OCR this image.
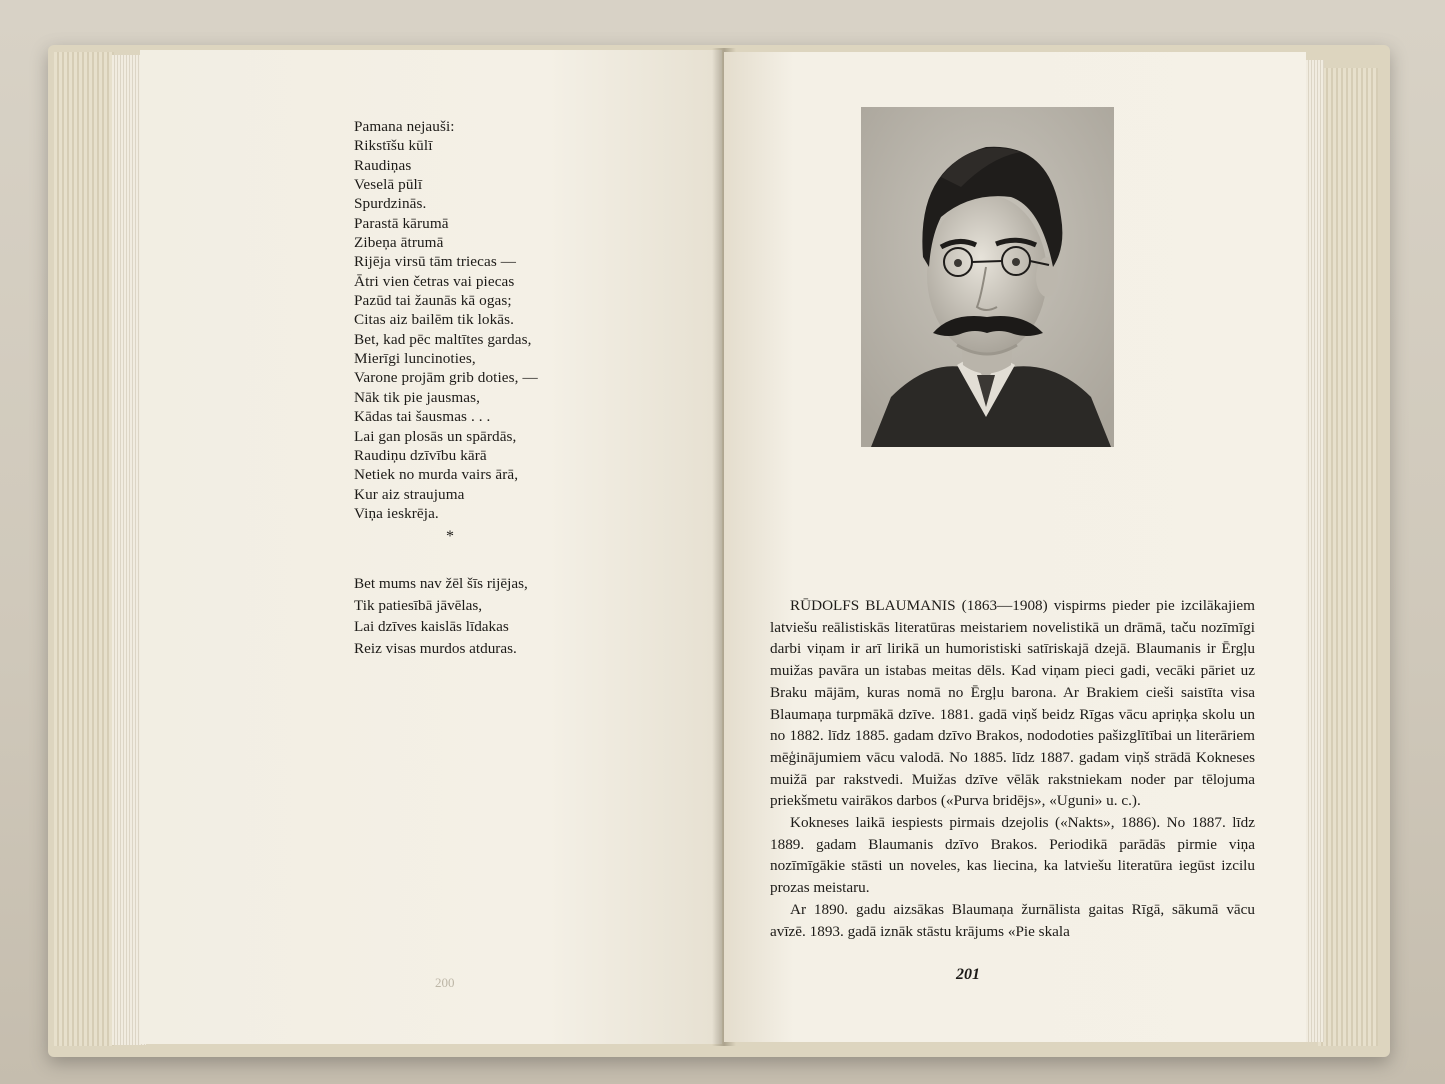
Pamana nejauši:
Rikstīšu kūlī
Raudiņas
Veselā pūlī
Spurdzinās.
Parastā kārumā
Zibeņa ātrumā
Rijēja virsū tām triecas —
Ātri vien četras vai piecas
Pazūd tai žaunās kā ogas;
Citas aiz bailēm tik lokās.
Bet, kad pēc maltītes gardas,
Mierīgi luncinoties,
Varone projām grib doties, —
Nāk tik pie jausmas,
Kādas tai šausmas . . .
Lai gan plosās un spārdās,
Raudiņu dzīvību kārā
Netiek no murda vairs ārā,
Kur aiz straujuma
Viņa ieskrēja.
*
Bet mums nav žēl šīs rijējas,
Tik patiesībā jāvēlas,
Lai dzīves kaislās līdakas
Reiz visas murdos atduras.
200

RŪDOLFS BLAUMANIS (1863—1908) vispirms pieder pie izcilākajiem latviešu reālistiskās literatūras meistariem novelistikā un drāmā, taču nozīmīgi darbi viņam ir arī lirikā un humoristiski satīriskajā dzejā. Blaumanis ir Ērgļu muižas pavāra un istabas meitas dēls. Kad viņam pieci gadi, vecāki pāriet uz Braku mājām, kuras nomā no Ērgļu barona. Ar Brakiem cieši saistīta visa Blaumaņa turpmākā dzīve. 1881. gadā viņš beidz Rīgas vācu apriņķa skolu un no 1882. līdz 1885. gadam dzīvo Brakos, nododoties pašizglītībai un literāriem mēģinājumiem vācu valodā. No 1885. līdz 1887. gadam viņš strādā Kokneses muižā par rakstvedi. Muižas dzīve vēlāk rakstniekam noder par tēlojuma priekšmetu vairākos darbos («Purva bridējs», «Uguni» u. c.).

Kokneses laikā iespiests pirmais dzejolis («Nakts», 1886). No 1887. līdz 1889. gadam Blaumanis dzīvo Brakos. Periodikā parādās pirmie viņa nozīmīgākie stāsti un noveles, kas liecina, ka latviešu literatūra iegūst izcilu prozas meistaru.

Ar 1890. gadu aizsākas Blaumaņa žurnālista gaitas Rīgā, sākumā vācu avīzē. 1893. gadā iznāk stāstu krājums «Pie skala

201
